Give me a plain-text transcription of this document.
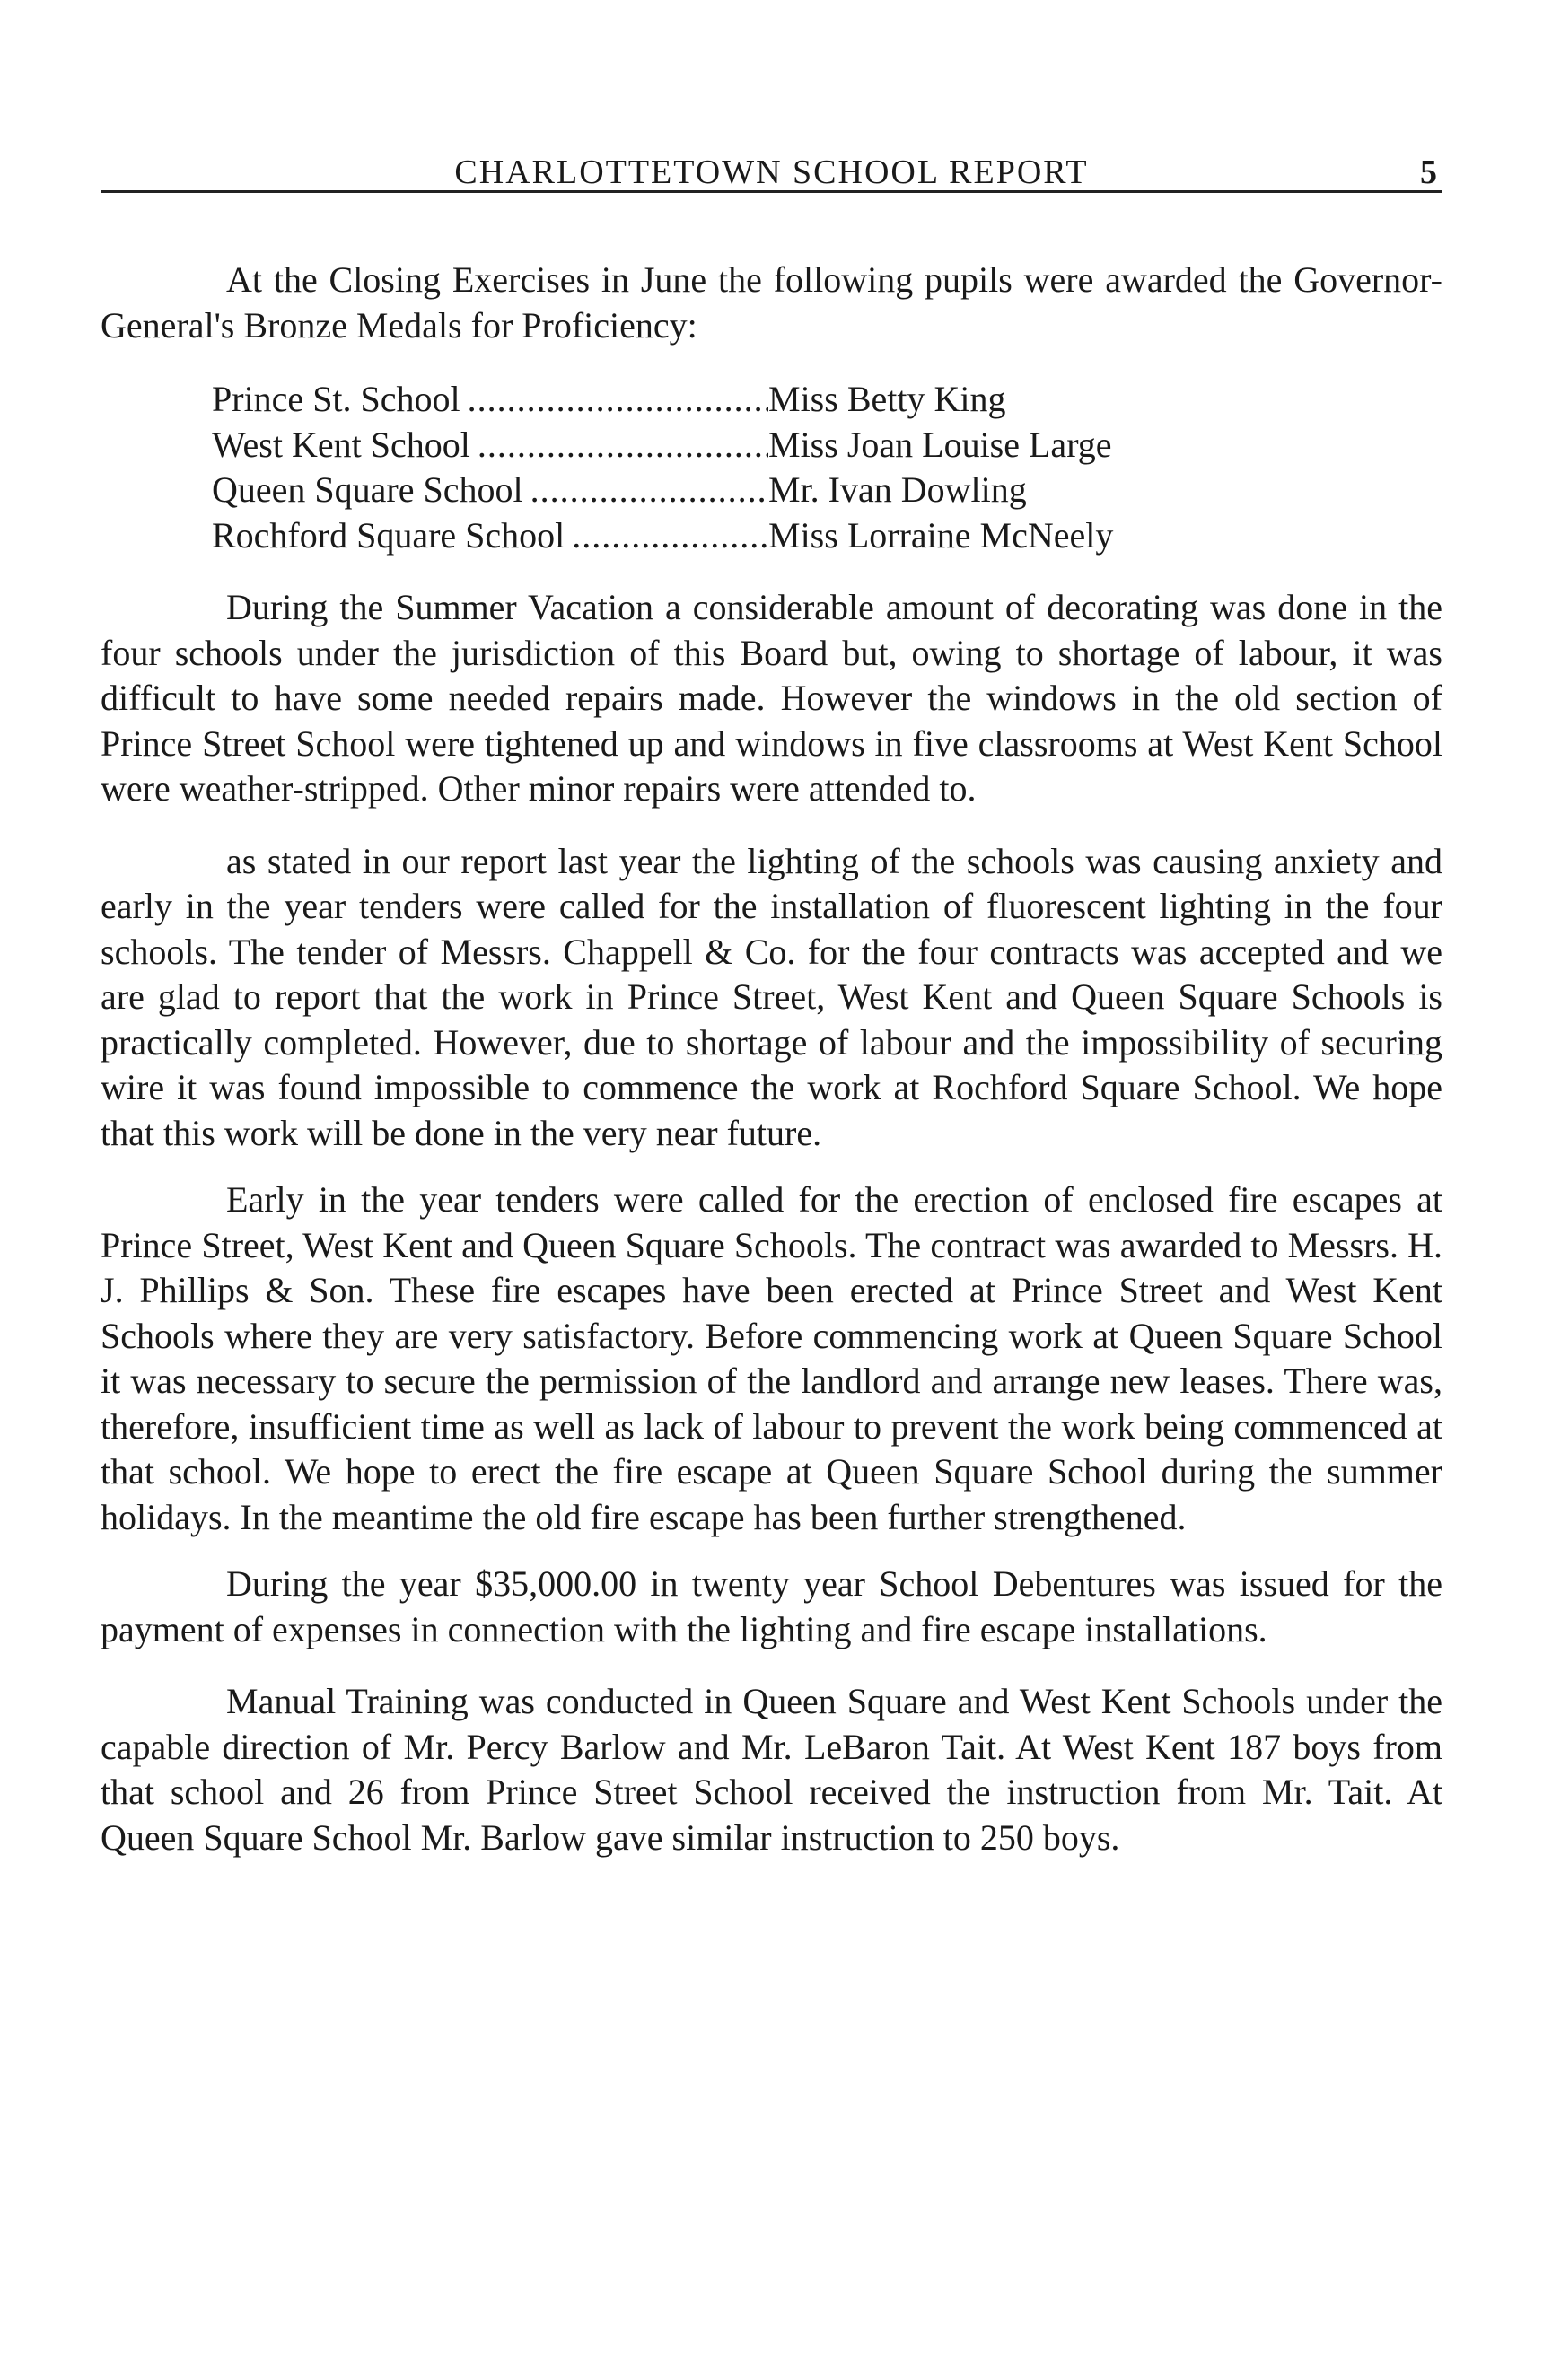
CHARLOTTETOWN SCHOOL REPORT	5

At the Closing Exercises in June the following pupils were awarded the Governor-General's Bronze Medals for Proficiency:

Prince St. School .....	Miss Betty King
West Kent School .....	Miss Joan Louise Large
Queen Square School .....	Mr. Ivan Dowling
Rochford Square School .....	Miss Lorraine McNeely

During the Summer Vacation a considerable amount of decorating was done in the four schools under the jurisdiction of this Board but, owing to shortage of labour, it was difficult to have some needed repairs made. However the windows in the old section of Prince Street School were tightened up and windows in five classrooms at West Kent School were weather-stripped. Other minor repairs were attended to.

as stated in our report last year the lighting of the schools was causing anxiety and early in the year tenders were called for the installation of fluorescent lighting in the four schools. The tender of Messrs. Chappell & Co. for the four contracts was accepted and we are glad to report that the work in Prince Street, West Kent and Queen Square Schools is practically completed. However, due to shortage of labour and the impossibility of securing wire it was found impossible to commence the work at Rochford Square School. We hope that this work will be done in the very near future.

Early in the year tenders were called for the erection of enclosed fire escapes at Prince Street, West Kent and Queen Square Schools. The contract was awarded to Messrs. H. J. Phillips & Son. These fire escapes have been erected at Prince Street and West Kent Schools where they are very satisfactory. Before commencing work at Queen Square School it was necessary to secure the permission of the landlord and arrange new leases. There was, therefore, insufficient time as well as lack of labour to prevent the work being commenced at that school. We hope to erect the fire escape at Queen Square School during the summer holidays. In the meantime the old fire escape has been further strengthened.

During the year $35,000.00 in twenty year School Debentures was issued for the payment of expenses in connection with the lighting and fire escape installations.

Manual Training was conducted in Queen Square and West Kent Schools under the capable direction of Mr. Percy Barlow and Mr. LeBaron Tait. At West Kent 187 boys from that school and 26 from Prince Street School received the instruction from Mr. Tait. At Queen Square School Mr. Barlow gave similar instruction to 250 boys.
